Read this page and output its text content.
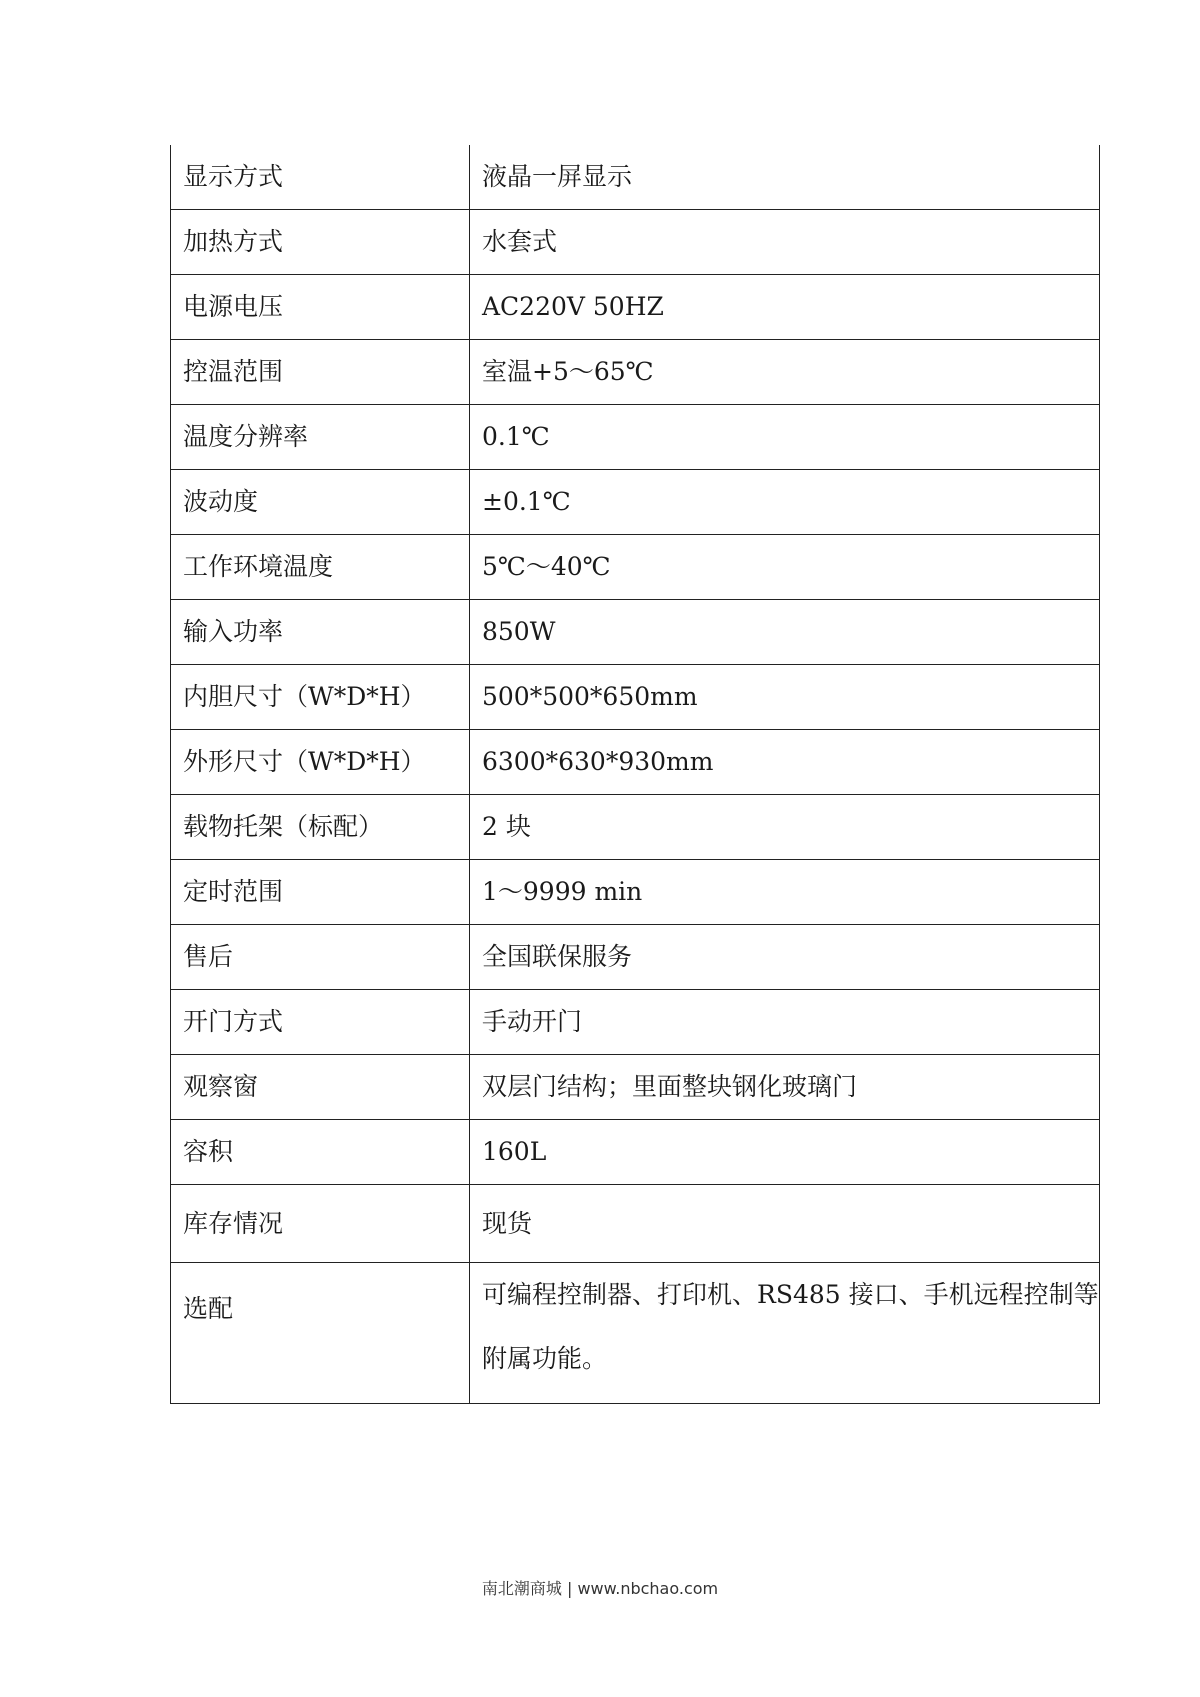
显示方式	液晶一屏显示
加热方式	水套式
电源电压	AC220V 50HZ
控温范围	室温+5～65℃
温度分辨率	0.1℃
波动度	±0.1℃
工作环境温度	5℃～40℃
输入功率	850W
内胆尺寸（W*D*H）	500*500*650mm
外形尺寸（W*D*H）	6300*630*930mm
载物托架（标配）	2 块
定时范围	1～9999 min
售后	全国联保服务
开门方式	手动开门
观察窗	双层门结构；里面整块钢化玻璃门
容积	160L
库存情况	现货
选配	可编程控制器、打印机、RS485 接口、手机远程控制等附属功能。
南北潮商城 | www.nbchao.com
